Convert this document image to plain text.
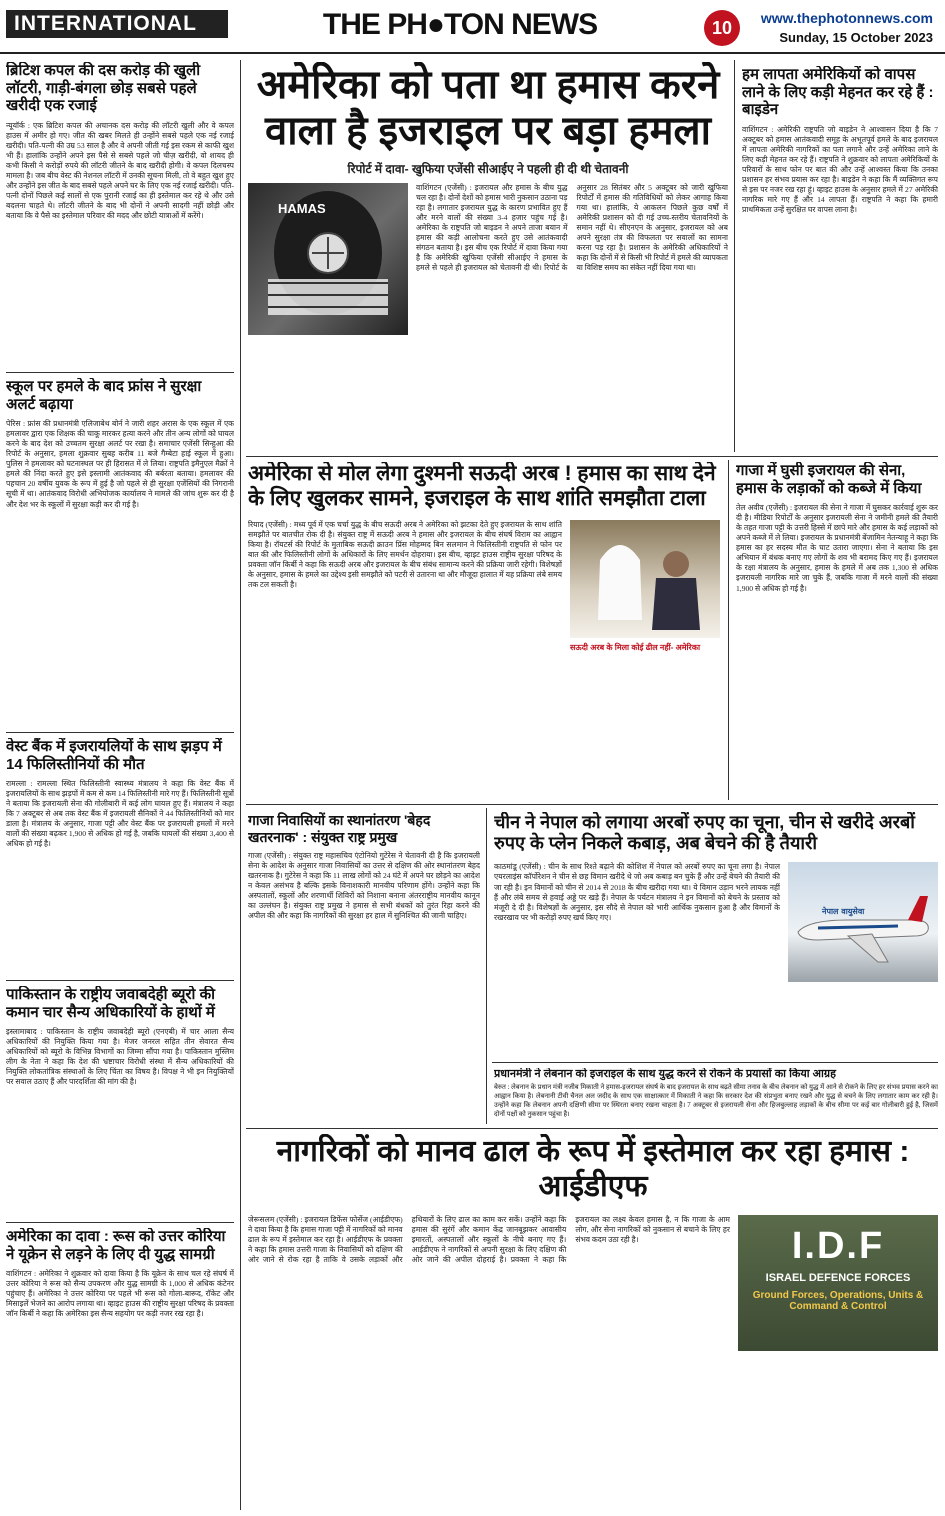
INTERNATIONAL	THE PH●TON NEWS	10	www.thephotonnews.com
Sunday, 15 October 2023
ब्रिटिश कपल की दस करोड़ की खुली लॉटरी, गाड़ी-बंगला छोड़ सबसे पहले खरीदी एक रजाई
न्यूयॉर्क : एक ब्रिटिश कपल की अचानक दस करोड़ की लॉटरी खुली और वे कपल हाउस में अमीर हो गए। जीत की खबर मिलते ही उन्होंने सबसे पहले एक नई रजाई खरीदी। पति-पत्नी की उम्र 53 साल है और वे अपनी जीती गई इस रकम से काफी खुश भी हैं। हालांकि उन्होंने अपने इस पैसे से सबसे पहले जो चीज़ खरीदी, वो शायद ही कभी किसी ने करोड़ों रुपये की लॉटरी जीतने के बाद खरीदी होगी। वे कपल दिलचस्प मामला है। जब बीच वेस्ट की नेशनल लॉटरी में उनकी सूचना मिली, तो वे बहुत खुश हुए और उन्होंने इस जीत के बाद सबसे पहले अपने घर के लिए एक नई रजाई खरीदी। पति-पत्नी दोनों पिछले कई सालों से एक पुरानी रजाई का ही इस्तेमाल कर रहे थे और उसे बदलना चाहते थे। लॉटरी जीतने के बाद भी दोनों ने अपनी सादगी नहीं छोड़ी और बताया कि वे पैसे का इस्तेमाल परिवार की मदद और छोटी यात्राओं में करेंगे।
स्कूल पर हमले के बाद फ्रांस ने सुरक्षा अलर्ट बढ़ाया
पेरिस : फ्रांस की प्रधानमंत्री एलिजाबेथ बोर्न ने जारी शहर अरास के एक स्कूल में एक हमलावर द्वारा एक शिक्षक की चाकू मारकर हत्या करने और तीन अन्य लोगों को घायल करने के बाद देश को उच्चतम सुरक्षा अलर्ट पर रखा है। समाचार एजेंसी सिन्हुआ की रिपोर्ट के अनुसार, हमला शुक्रवार सुबह करीब 11 बजे गैम्बेटा हाई स्कूल में हुआ। पुलिस ने हमलावर को घटनास्थल पर ही हिरासत में ले लिया। राष्ट्रपति इमैनुएल मैक्रों ने हमले की निंदा करते हुए इसे इस्लामी आतंकवाद की बर्बरता बताया। हमलावर की पहचान 20 वर्षीय युवक के रूप में हुई है जो पहले से ही सुरक्षा एजेंसियों की निगरानी सूची में था। आतंकवाद विरोधी अभियोजक कार्यालय ने मामले की जांच शुरू कर दी है और देश भर के स्कूलों में सुरक्षा कड़ी कर दी गई है।
वेस्ट बैंक में इजरायलियों के साथ झड़प में 14 फिलिस्तीनियों की मौत
रामल्ला : रामल्ला स्थित फिलिस्तीनी स्वास्थ्य मंत्रालय ने कहा कि वेस्ट बैंक में इजरायलियों के साथ झड़पों में कम से कम 14 फिलिस्तीनी मारे गए हैं। फिलिस्तीनी सूत्रों ने बताया कि इजरायली सेना की गोलीबारी में कई लोग घायल हुए हैं। मंत्रालय ने कहा कि 7 अक्टूबर से अब तक वेस्ट बैंक में इजरायली सैनिकों ने 44 फिलिस्तीनियों को मार डाला है। मंत्रालय के अनुसार, गाजा पट्टी और वेस्ट बैंक पर इजरायली हमलों में मरने वालों की संख्या बढ़कर 1,900 से अधिक हो गई है, जबकि घायलों की संख्या 3,400 से अधिक हो गई है।
पाकिस्तान के राष्ट्रीय जवाबदेही ब्यूरो की कमान चार सैन्य अधिकारियों के हाथों में
इस्लामाबाद : पाकिस्तान के राष्ट्रीय जवाबदेही ब्यूरो (एनएबी) में चार आला सैन्य अधिकारियों की नियुक्ति किया गया है। मेजर जनरल सहित तीन सेवारत सैन्य अधिकारियों को ब्यूरो के विभिन्न विभागों का जिम्मा सौंपा गया है। पाकिस्तान मुस्लिम लीग के नेता ने कहा कि देश की भ्रष्टाचार विरोधी संस्था में सैन्य अधिकारियों की नियुक्ति लोकतांत्रिक संस्थाओं के लिए चिंता का विषय है। विपक्ष ने भी इन नियुक्तियों पर सवाल उठाए हैं और पारदर्शिता की मांग की है।
अमेरिका का दावा : रूस को उत्तर कोरिया ने यूक्रेन से लड़ने के लिए दी युद्ध सामग्री
वाशिंगटन : अमेरिका ने शुक्रवार को दावा किया है कि यूक्रेन के साथ चल रहे संघर्ष में उत्तर कोरिया ने रूस को सैन्य उपकरण और युद्ध सामग्री के 1,000 से अधिक कंटेनर पहुंचाए हैं। अमेरिका ने उत्तर कोरिया पर पहले भी रूस को गोला-बारूद, रॉकेट और मिसाइलें भेजने का आरोप लगाया था। व्हाइट हाउस की राष्ट्रीय सुरक्षा परिषद के प्रवक्ता जॉन किर्बी ने कहा कि अमेरिका इस सैन्य सहयोग पर कड़ी नजर रख रहा है।
अमेरिका को पता था हमास करने वाला है इजराइल पर बड़ा हमला
रिपोर्ट में दावा- खुफिया एजेंसी सीआईए ने पहली ही दी थी चेतावनी
HAMAS
वाशिंगटन (एजेंसी) : इजरायल और हमास के बीच युद्ध चल रहा है। दोनों देशों को हमास भारी नुकसान उठाना पड़ रहा है। लगातार इजरायल युद्ध के कारण प्रभावित हुए हैं और मरने वालों की संख्या 3-4 हजार पहुंच गई है। अमेरिका के राष्ट्रपति जो बाइडन ने अपने ताजा बयान में हमास की कड़ी आलोचना करते हुए उसे आतंकवादी संगठन बताया है। इस बीच एक रिपोर्ट में दावा किया गया है कि अमेरिकी खुफिया एजेंसी सीआईए ने हमास के हमले से पहले ही इजरायल को चेतावनी दी थी। रिपोर्ट के अनुसार 28 सितंबर और 5 अक्टूबर को जारी खुफिया रिपोर्टों में हमास की गतिविधियों को लेकर आगाह किया गया था। हालांकि, ये आकलन पिछले कुछ वर्षों में अमेरिकी प्रशासन को दी गई उच्च-स्तरीय चेतावनियों के समान नहीं थे। सीएनएन के अनुसार, इजरायल को अब अपने सुरक्षा तंत्र की विफलता पर सवालों का सामना करना पड़ रहा है। प्रशासन के अमेरिकी अधिकारियों ने कहा कि दोनों में से किसी भी रिपोर्ट में हमले की व्यापकता या विशिष्ट समय का संकेत नहीं दिया गया था।
हम लापता अमेरिकियों को वापस लाने के लिए कड़ी मेहनत कर रहे हैं : बाइडेन
वाशिंगटन : अमेरिकी राष्ट्रपति जो बाइडेन ने आश्वासन दिया है कि 7 अक्टूबर को हमास आतंकवादी समूह के अभूतपूर्व हमले के बाद इजरायल में लापता अमेरिकी नागरिकों का पता लगाने और उन्हें अमेरिका लाने के लिए कड़ी मेहनत कर रहे हैं। राष्ट्रपति ने शुक्रवार को लापता अमेरिकियों के परिवारों के साथ फोन पर बात की और उन्हें आश्वस्त किया कि उनका प्रशासन हर संभव प्रयास कर रहा है। बाइडेन ने कहा कि मैं व्यक्तिगत रूप से इस पर नजर रख रहा हूं। व्हाइट हाउस के अनुसार हमले में 27 अमेरिकी नागरिक मारे गए हैं और 14 लापता हैं। राष्ट्रपति ने कहा कि हमारी प्राथमिकता उन्हें सुरक्षित घर वापस लाना है।
अमेरिका से मोल लेगा दुश्मनी सऊदी अरब ! हमास का साथ देने के लिए खुलकर सामने, इजराइल के साथ शांति समझौता टाला
रियाद (एजेंसी) : मध्य पूर्व में एक चर्चा युद्ध के बीच सऊदी अरब ने अमेरिका को झटका देते हुए इजरायल के साथ शांति समझौते पर बातचीत रोक दी है। संयुक्त राष्ट्र में सऊदी अरब ने हमास और इजरायल के बीच संघर्ष विराम का आह्वान किया है। रॉयटर्स की रिपोर्ट के मुताबिक सऊदी क्राउन प्रिंस मोहम्मद बिन सलमान ने फिलिस्तीनी राष्ट्रपति से फोन पर बात की और फिलिस्तीनी लोगों के अधिकारों के लिए समर्थन दोहराया। इस बीच, व्हाइट हाउस राष्ट्रीय सुरक्षा परिषद के प्रवक्ता जॉन किर्बी ने कहा कि सऊदी अरब और इजरायल के बीच संबंध सामान्य करने की प्रक्रिया जारी रहेगी। विशेषज्ञों के अनुसार, हमास के हमले का उद्देश्य इसी समझौते को पटरी से उतारना था और मौजूदा हालात में यह प्रक्रिया लंबे समय तक टल सकती है।
सऊदी अरब के मिला कोई ढील नहीं- अमेरिका
गाजा में घुसी इजरायल की सेना, हमास के लड़ाकों को कब्जे में किया
तेल अवीव (एजेंसी) : इजरायल की सेना ने गाजा में घुसकर कार्रवाई शुरू कर दी है। मीडिया रिपोर्टों के अनुसार इजरायली सेना ने जमीनी हमले की तैयारी के तहत गाजा पट्टी के उत्तरी हिस्से में छापे मारे और हमास के कई लड़ाकों को अपने कब्जे में ले लिया। इजरायल के प्रधानमंत्री बेंजामिन नेतन्याहू ने कहा कि हमास का हर सदस्य मौत के घाट उतारा जाएगा। सेना ने बताया कि इस अभियान में बंधक बनाए गए लोगों के शव भी बरामद किए गए हैं। इजरायल के रक्षा मंत्रालय के अनुसार, हमास के हमले में अब तक 1,300 से अधिक इजरायली नागरिक मारे जा चुके हैं, जबकि गाजा में मरने वालों की संख्या 1,900 से अधिक हो गई है।
गाजा निवासियों का स्थानांतरण 'बेहद खतरनाक' : संयुक्त राष्ट्र प्रमुख
गाजा (एजेंसी) : संयुक्त राष्ट्र महासचिव एंटोनियो गुटेरेस ने चेतावनी दी है कि इजरायली सेना के आदेश के अनुसार गाजा निवासियों का उत्तर से दक्षिण की ओर स्थानांतरण बेहद खतरनाक है। गुटेरेस ने कहा कि 11 लाख लोगों को 24 घंटे में अपने घर छोड़ने का आदेश न केवल असंभव है बल्कि इसके विनाशकारी मानवीय परिणाम होंगे। उन्होंने कहा कि अस्पतालों, स्कूलों और शरणार्थी शिविरों को निशाना बनाना अंतरराष्ट्रीय मानवीय कानून का उल्लंघन है। संयुक्त राष्ट्र प्रमुख ने हमास से सभी बंधकों को तुरंत रिहा करने की अपील की और कहा कि नागरिकों की सुरक्षा हर हाल में सुनिश्चित की जानी चाहिए।
चीन ने नेपाल को लगाया अरबों रुपए का चूना, चीन से खरीदे अरबों रुपए के प्लेन निकले कबाड़, अब बेचने की है तैयारी
काठमांडू (एजेंसी) : चीन के साथ रिश्ते बढ़ाने की कोशिश में नेपाल को अरबों रुपए का चूना लगा है। नेपाल एयरलाइंस कॉर्पोरेशन ने चीन से छह विमान खरीदे थे जो अब कबाड़ बन चुके हैं और उन्हें बेचने की तैयारी की जा रही है। इन विमानों को चीन से 2014 से 2018 के बीच खरीदा गया था। ये विमान उड़ान भरने लायक नहीं हैं और लंबे समय से हवाई अड्डे पर खड़े हैं। नेपाल के पर्यटन मंत्रालय ने इन विमानों को बेचने के प्रस्ताव को मंजूरी दे दी है। विशेषज्ञों के अनुसार, इस सौदे से नेपाल को भारी आर्थिक नुकसान हुआ है और विमानों के रखरखाव पर भी करोड़ों रुपए खर्च किए गए।
नेपाल वायुसेवा
प्रधानमंत्री ने लेबनान को इजराइल के साथ युद्ध करने से रोकने के प्रयासों का किया आग्रह
बेरुत : लेबनान के प्रधान मंत्री नजीब मिकाती ने हमास-इजरायल संघर्ष के बाद इजरायल के साथ बढ़ते सीमा तनाव के बीच लेबनान को युद्ध में आने से रोकने के लिए हर संभव प्रयास करने का आह्वान किया है। लेबनानी टीवी चैनल अल जदीद के साथ एक साक्षात्कार में मिकाती ने कहा कि सरकार देश की संप्रभुता बनाए रखने और युद्ध से बचने के लिए लगातार काम कर रही है। उन्होंने कहा कि लेबनान अपनी दक्षिणी सीमा पर स्थिरता बनाए रखना चाहता है। 7 अक्टूबर से इजरायली सेना और हिजबुल्लाह लड़ाकों के बीच सीमा पर कई बार गोलीबारी हुई है, जिसमें दोनों पक्षों को नुकसान पहुंचा है।
नागरिकों को मानव ढाल के रूप में इस्तेमाल कर रहा हमास : आईडीएफ
जेरूसलम (एजेंसी) : इजरायल डिफेंस फोर्सेज (आईडीएफ) ने दावा किया है कि हमास गाजा पट्टी में नागरिकों को मानव ढाल के रूप में इस्तेमाल कर रहा है। आईडीएफ के प्रवक्ता ने कहा कि हमास उत्तरी गाजा के निवासियों को दक्षिण की ओर जाने से रोक रहा है ताकि वे उसके लड़ाकों और हथियारों के लिए ढाल का काम कर सकें। उन्होंने कहा कि हमास की सुरंगें और कमान केंद्र जानबूझकर आवासीय इमारतों, अस्पतालों और स्कूलों के नीचे बनाए गए हैं। आईडीएफ ने नागरिकों से अपनी सुरक्षा के लिए दक्षिण की ओर जाने की अपील दोहराई है। प्रवक्ता ने कहा कि इजरायल का लक्ष्य केवल हमास है, न कि गाजा के आम लोग, और सेना नागरिकों को नुकसान से बचाने के लिए हर संभव कदम उठा रही है।	I.D.F
ISRAEL DEFENCE FORCES
Ground Forces, Operations, Units & Command & Control
